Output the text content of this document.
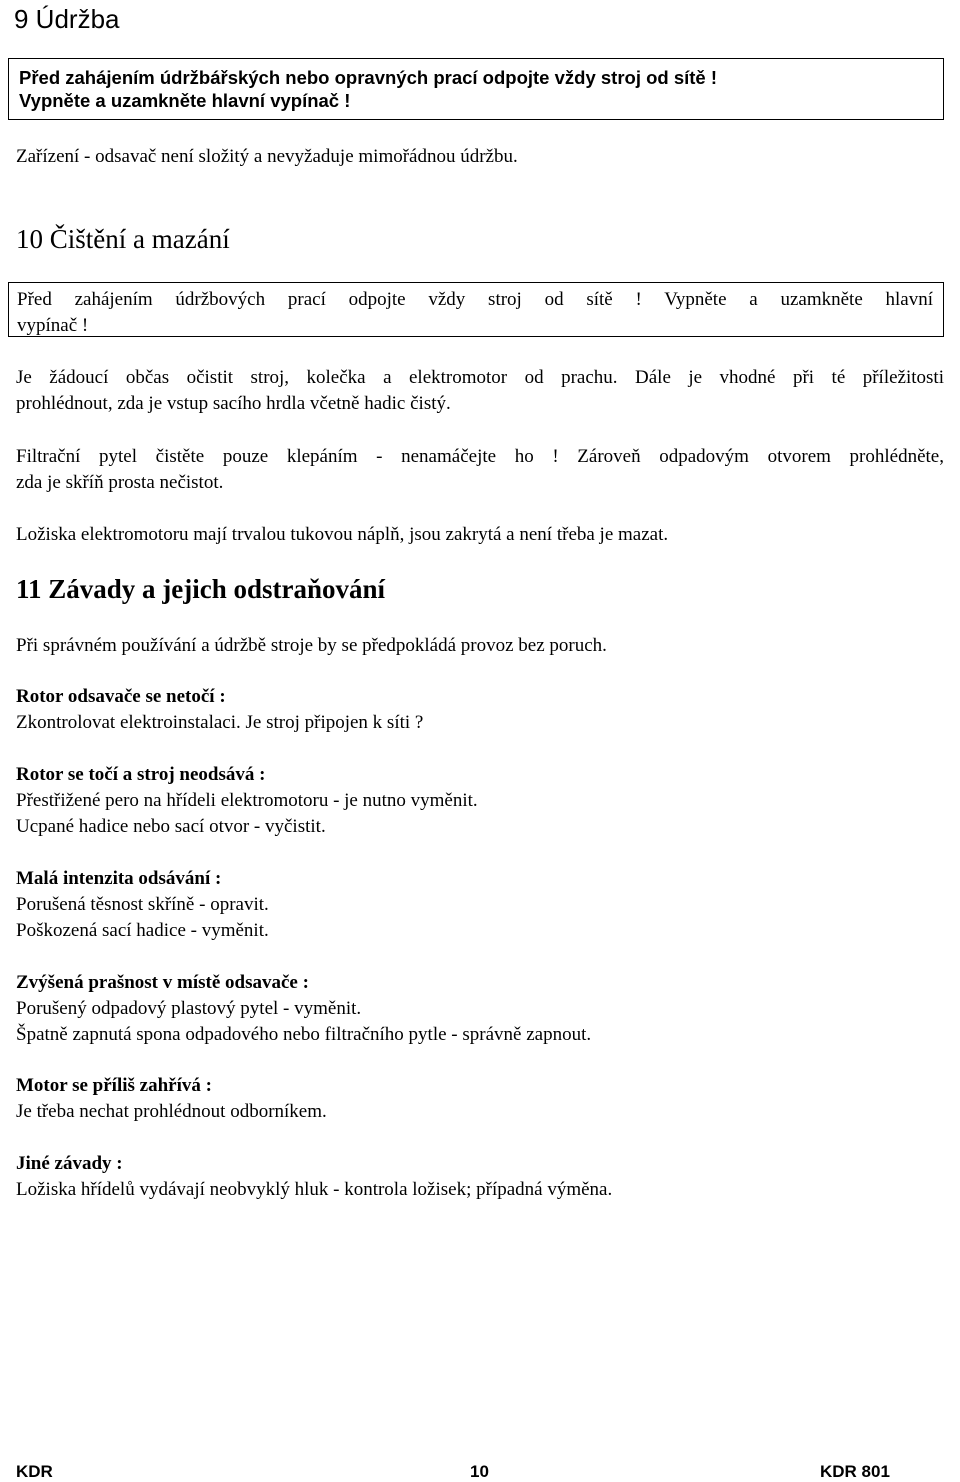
9 Údržba
Před zahájením údržbářských nebo opravných prací odpojte vždy stroj od sítě !
Vypněte a uzamkněte hlavní vypínač !
Zařízení - odsavač není složitý a nevyžaduje mimořádnou údržbu.
10 Čištění a mazání
Před zahájením údržbových prací odpojte vždy stroj od sítě ! Vypněte a uzamkněte hlavní
vypínač !
Je žádoucí občas očistit stroj, kolečka a elektromotor od prachu. Dále je vhodné při té příležitosti
prohlédnout, zda je vstup sacího hrdla včetně hadic čistý.
Filtrační pytel čistěte pouze klepáním - nenamáčejte ho ! Zároveň odpadovým otvorem prohlédněte,
zda je skříň prosta nečistot.
Ložiska elektromotoru mají trvalou tukovou náplň, jsou zakrytá a není třeba je mazat.
11 Závady a jejich odstraňování
Při správném používání a údržbě stroje by se předpokládá provoz bez poruch.
Rotor odsavače se netočí :
Zkontrolovat elektroinstalaci. Je stroj připojen k síti ?
Rotor se točí a stroj neodsává :
Přestřižené pero na hřídeli elektromotoru - je nutno vyměnit.
Ucpané hadice nebo sací otvor - vyčistit.
Malá intenzita odsávání :
Porušená těsnost skříně - opravit.
Poškozená sací hadice - vyměnit.
Zvýšená prašnost v místě odsavače :
Porušený odpadový plastový pytel - vyměnit.
Špatně zapnutá spona odpadového nebo filtračního pytle - správně zapnout.
Motor se příliš zahřívá :
Je třeba nechat prohlédnout odborníkem.
Jiné závady :
Ložiska hřídelů vydávají neobvyklý hluk - kontrola ložisek; případná výměna.
KDR	10	KDR 801
